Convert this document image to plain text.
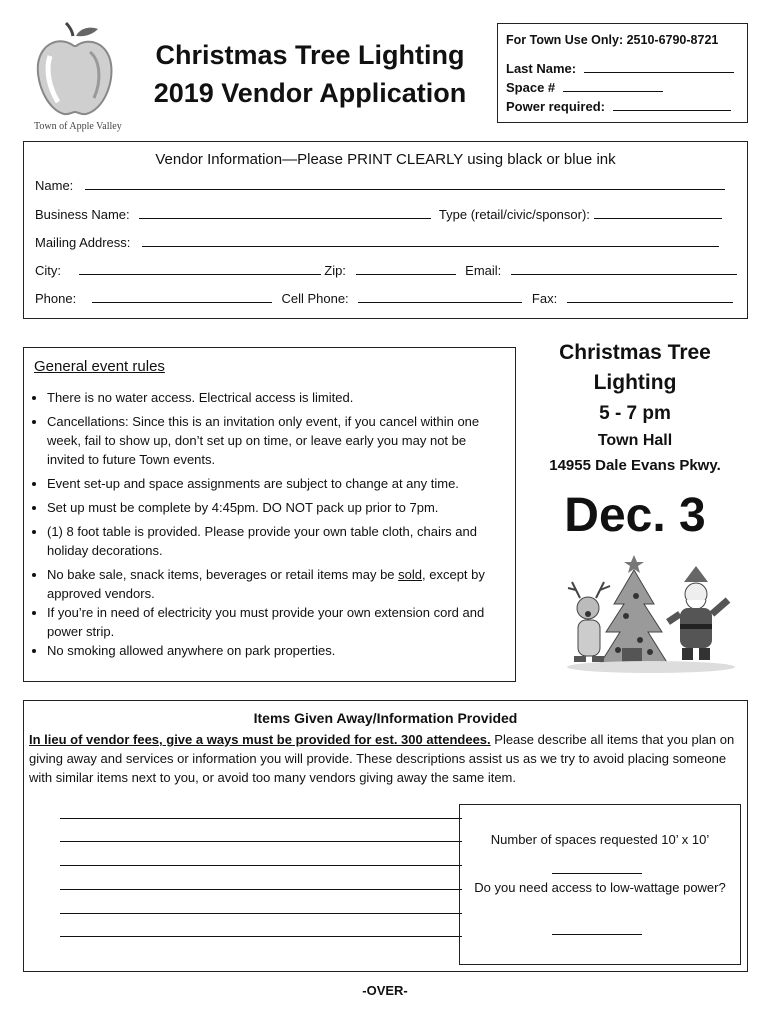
Town of Apple Valley
Christmas Tree Lighting
2019 Vendor Application
For Town Use Only: 2510-6790-8721
Last Name:
Space #
Power required:
Vendor Information—Please PRINT CLEARLY using black or blue ink
Name:
Business Name:	Type (retail/civic/sponsor):
Mailing Address:
City:	Zip:	Email:
Phone:	Cell Phone:	Fax:
General event rules
• There is no water access. Electrical access is limited.
• Cancellations: Since this is an invitation only event, if you cancel within one week, fail to show up, don’t set up on time, or leave early you may not be invited to future Town events.
• Event set-up and space assignments are subject to change at any time.
• Set up must be complete by 4:45pm. DO NOT pack up prior to 7pm.
• (1) 8 foot table is provided. Please provide your own table cloth, chairs and holiday decorations.
• No bake sale, snack items, beverages or retail items may be sold, except by approved vendors.
• If you’re in need of electricity you must provide your own extension cord and power strip.
• No smoking allowed anywhere on park properties.
Christmas Tree
Lighting
5 - 7 pm
Town Hall
14955 Dale Evans Pkwy.
Dec. 3
Items Given Away/Information Provided
In lieu of vendor fees, give a ways must be provided for est. 300 attendees. Please describe all items that you plan on giving away and services or information you will provide. These descriptions assist us as we try to avoid placing someone with similar items next to you, or avoid too many vendors giving away the same item.
Number of spaces requested 10’ x 10’
Do you need access to low-wattage power?
-OVER-
